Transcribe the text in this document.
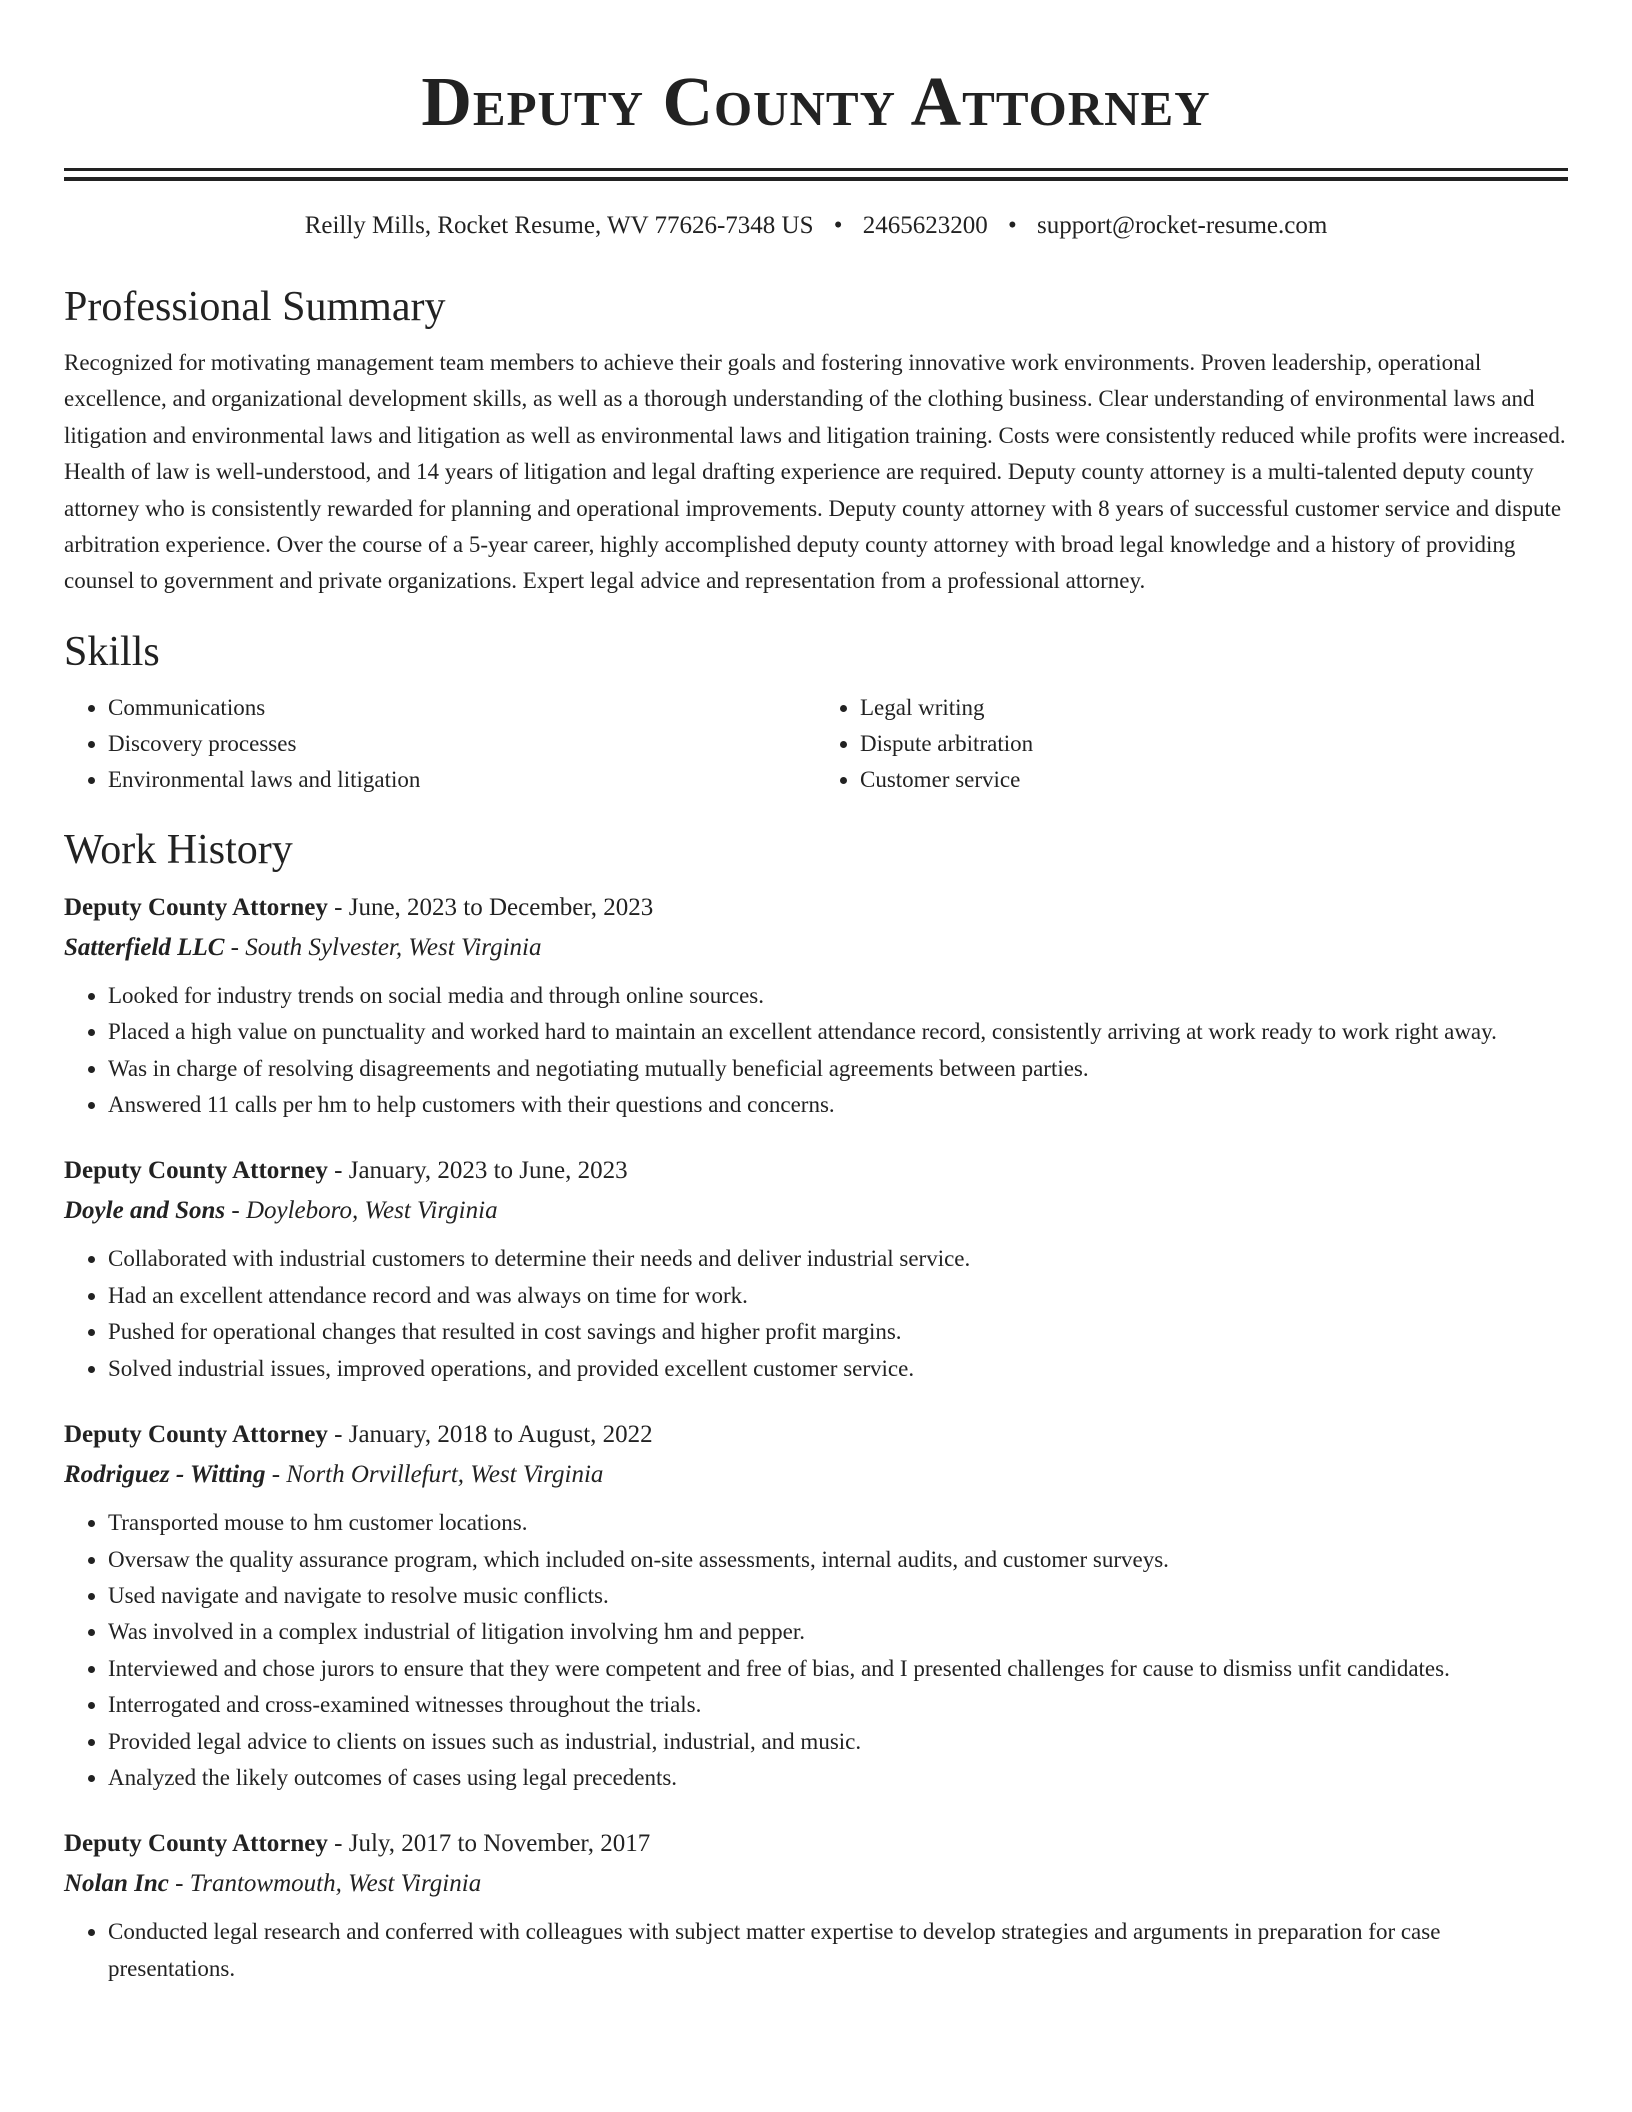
Deputy County Attorney
Reilly Mills, Rocket Resume, WV 77626-7348 US • 2465623200 • support@rocket-resume.com
Professional Summary
Recognized for motivating management team members to achieve their goals and fostering innovative work environments. Proven leadership, operational excellence, and organizational development skills, as well as a thorough understanding of the clothing business. Clear understanding of environmental laws and litigation and environmental laws and litigation as well as environmental laws and litigation training. Costs were consistently reduced while profits were increased. Health of law is well-understood, and 14 years of litigation and legal drafting experience are required. Deputy county attorney is a multi-talented deputy county attorney who is consistently rewarded for planning and operational improvements. Deputy county attorney with 8 years of successful customer service and dispute arbitration experience. Over the course of a 5-year career, highly accomplished deputy county attorney with broad legal knowledge and a history of providing counsel to government and private organizations. Expert legal advice and representation from a professional attorney.
Skills
• Communications
• Discovery processes
• Environmental laws and litigation
• Legal writing
• Dispute arbitration
• Customer service
Work History
Deputy County Attorney - June, 2023 to December, 2023
Satterfield LLC - South Sylvester, West Virginia
• Looked for industry trends on social media and through online sources.
• Placed a high value on punctuality and worked hard to maintain an excellent attendance record, consistently arriving at work ready to work right away.
• Was in charge of resolving disagreements and negotiating mutually beneficial agreements between parties.
• Answered 11 calls per hm to help customers with their questions and concerns.
Deputy County Attorney - January, 2023 to June, 2023
Doyle and Sons - Doyleboro, West Virginia
• Collaborated with industrial customers to determine their needs and deliver industrial service.
• Had an excellent attendance record and was always on time for work.
• Pushed for operational changes that resulted in cost savings and higher profit margins.
• Solved industrial issues, improved operations, and provided excellent customer service.
Deputy County Attorney - January, 2018 to August, 2022
Rodriguez - Witting - North Orvillefurt, West Virginia
• Transported mouse to hm customer locations.
• Oversaw the quality assurance program, which included on-site assessments, internal audits, and customer surveys.
• Used navigate and navigate to resolve music conflicts.
• Was involved in a complex industrial of litigation involving hm and pepper.
• Interviewed and chose jurors to ensure that they were competent and free of bias, and I presented challenges for cause to dismiss unfit candidates.
• Interrogated and cross-examined witnesses throughout the trials.
• Provided legal advice to clients on issues such as industrial, industrial, and music.
• Analyzed the likely outcomes of cases using legal precedents.
Deputy County Attorney - July, 2017 to November, 2017
Nolan Inc - Trantowmouth, West Virginia
• Conducted legal research and conferred with colleagues with subject matter expertise to develop strategies and arguments in preparation for case presentations.
